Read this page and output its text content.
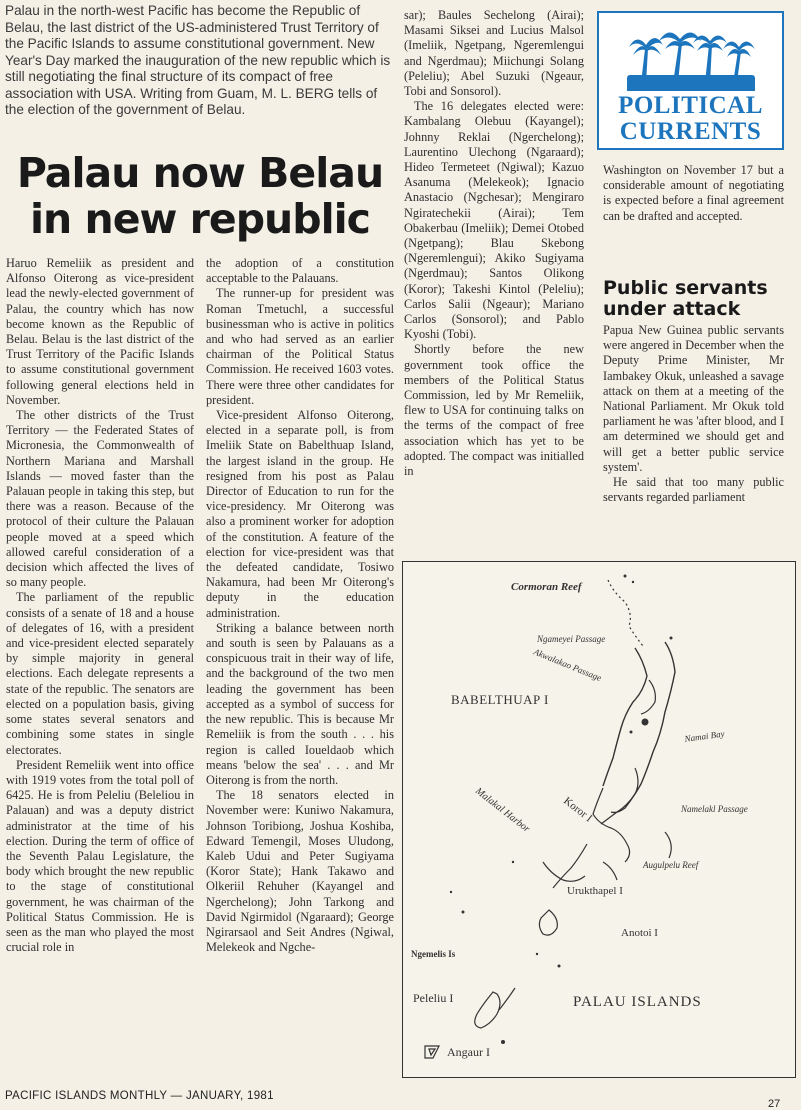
Palau in the north-west Pacific has become the Republic of Belau, the last district of the US-administered Trust Territory of the Pacific Islands to assume constitutional government. New Year's Day marked the inauguration of the new republic which is still negotiating the final structure of its compact of free association with USA. Writing from Guam, M. L. BERG tells of the election of the government of Belau.
Palau now Belau
in new republic

Haruo Remeliik as president and Alfonso Oiterong as vice-president lead the newly-elected government of Palau, the country which has now become known as the Republic of Belau. Belau is the last district of the Trust Territory of the Pacific Islands to assume constitutional government following general elections held in November.

The other districts of the Trust Territory — the Federated States of Micronesia, the Commonwealth of Northern Mariana and Marshall Islands — moved faster than the Palauan people in taking this step, but there was a reason. Because of the protocol of their culture the Palauan people moved at a speed which allowed careful consideration of a decision which affected the lives of so many people.

The parliament of the republic consists of a senate of 18 and a house of delegates of 16, with a president and vice-president elected separately by simple majority in general elections. Each delegate represents a state of the republic. The senators are elected on a population basis, giving some states several senators and combining some states in single electorates.

President Remeliik went into office with 1919 votes from the total poll of 6425. He is from Peleliu (Beleliou in Palauan) and was a deputy district administrator at the time of his election. During the term of office of the Seventh Palau Legislature, the body which brought the new republic to the stage of constitutional government, he was chairman of the Political Status Commission. He is seen as the man who played the most crucial role in

the adoption of a constitution acceptable to the Palauans.

The runner-up for president was Roman Tmetuchl, a successful businessman who is active in politics and who had served as an earlier chairman of the Political Status Commission. He received 1603 votes. There were three other candidates for president.

Vice-president Alfonso Oiterong, elected in a separate poll, is from Imeliik State on Babelthuap Island, the largest island in the group. He resigned from his post as Palau Director of Education to run for the vice-presidency. Mr Oiterong was also a prominent worker for adoption of the constitution. A feature of the election for vice-president was that the defeated candidate, Tosiwo Nakamura, had been Mr Oiterong's deputy in the education administration.

Striking a balance between north and south is seen by Palauans as a conspicuous trait in their way of life, and the background of the two men leading the government has been accepted as a symbol of success for the new republic. This is because Mr Remeliik is from the south . . . his region is called Ioueldaob which means 'below the sea' . . . and Mr Oiterong is from the north.

The 18 senators elected in November were: Kuniwo Nakamura, Johnson Toribiong, Joshua Koshiba, Edward Temengil, Moses Uludong, Kaleb Udui and Peter Sugiyama (Koror State); Hank Takawo and Olkeriil Rehuher (Kayangel and Ngerchelong); John Tarkong and David Ngirmidol (Ngaraard); George Ngirarsaol and Seit Andres (Ngiwal, Melekeok and Ngche-

sar); Baules Sechelong (Airai); Masami Siksei and Lucius Malsol (Imeliik, Ngetpang, Ngeremlengui and Ngerdmau); Miichungi Solang (Peleliu); Abel Suzuki (Ngeaur, Tobi and Sonsorol).

The 16 delegates elected were: Kambalang Olebuu (Kayangel); Johnny Reklai (Ngerchelong); Laurentino Ulechong (Ngaraard); Hideo Termeteet (Ngiwal); Kazuo Asanuma (Melekeok); Ignacio Anastacio (Ngchesar); Mengiraro Ngiratechekii (Airai); Tem Obakerbau (Imeliik); Demei Otobed (Ngetpang); Blau Skebong (Ngeremlengui); Akiko Sugiyama (Ngerdmau); Santos Olikong (Koror); Takeshi Kintol (Peleliu); Carlos Salii (Ngeaur); Mariano Carlos (Sonsorol); and Pablo Kyoshi (Tobi).

Shortly before the new government took office the members of the Political Status Commission, led by Mr Remeliik, flew to USA for continuing talks on the terms of the compact of free association which has yet to be adopted. The compact was initialled in

POLITICAL
CURRENTS

Washington on November 17 but a considerable amount of negotiating is expected before a final agreement can be drafted and accepted.

Public servants under attack

Papua New Guinea public servants were angered in December when the Deputy Prime Minister, Mr Iambakey Okuk, unleashed a savage attack on them at a meeting of the National Parliament. Mr Okuk told parliament he was 'after blood, and I am determined we should get and will get a better public service system'.

He said that too many public servants regarded parliament

Cormoran Reef
Ngameyei Passage
Akwalakao Passage
BABELTHUAP I
Namai Bay
Malakal Harbor	Koror I	Namelakl Passage
Augulpelu Reef
Urukthapel I
Anotoi I
Ngemelis Is
Peleliu I	PALAU ISLANDS
Angaur I
PACIFIC ISLANDS MONTHLY — JANUARY, 1981
27
